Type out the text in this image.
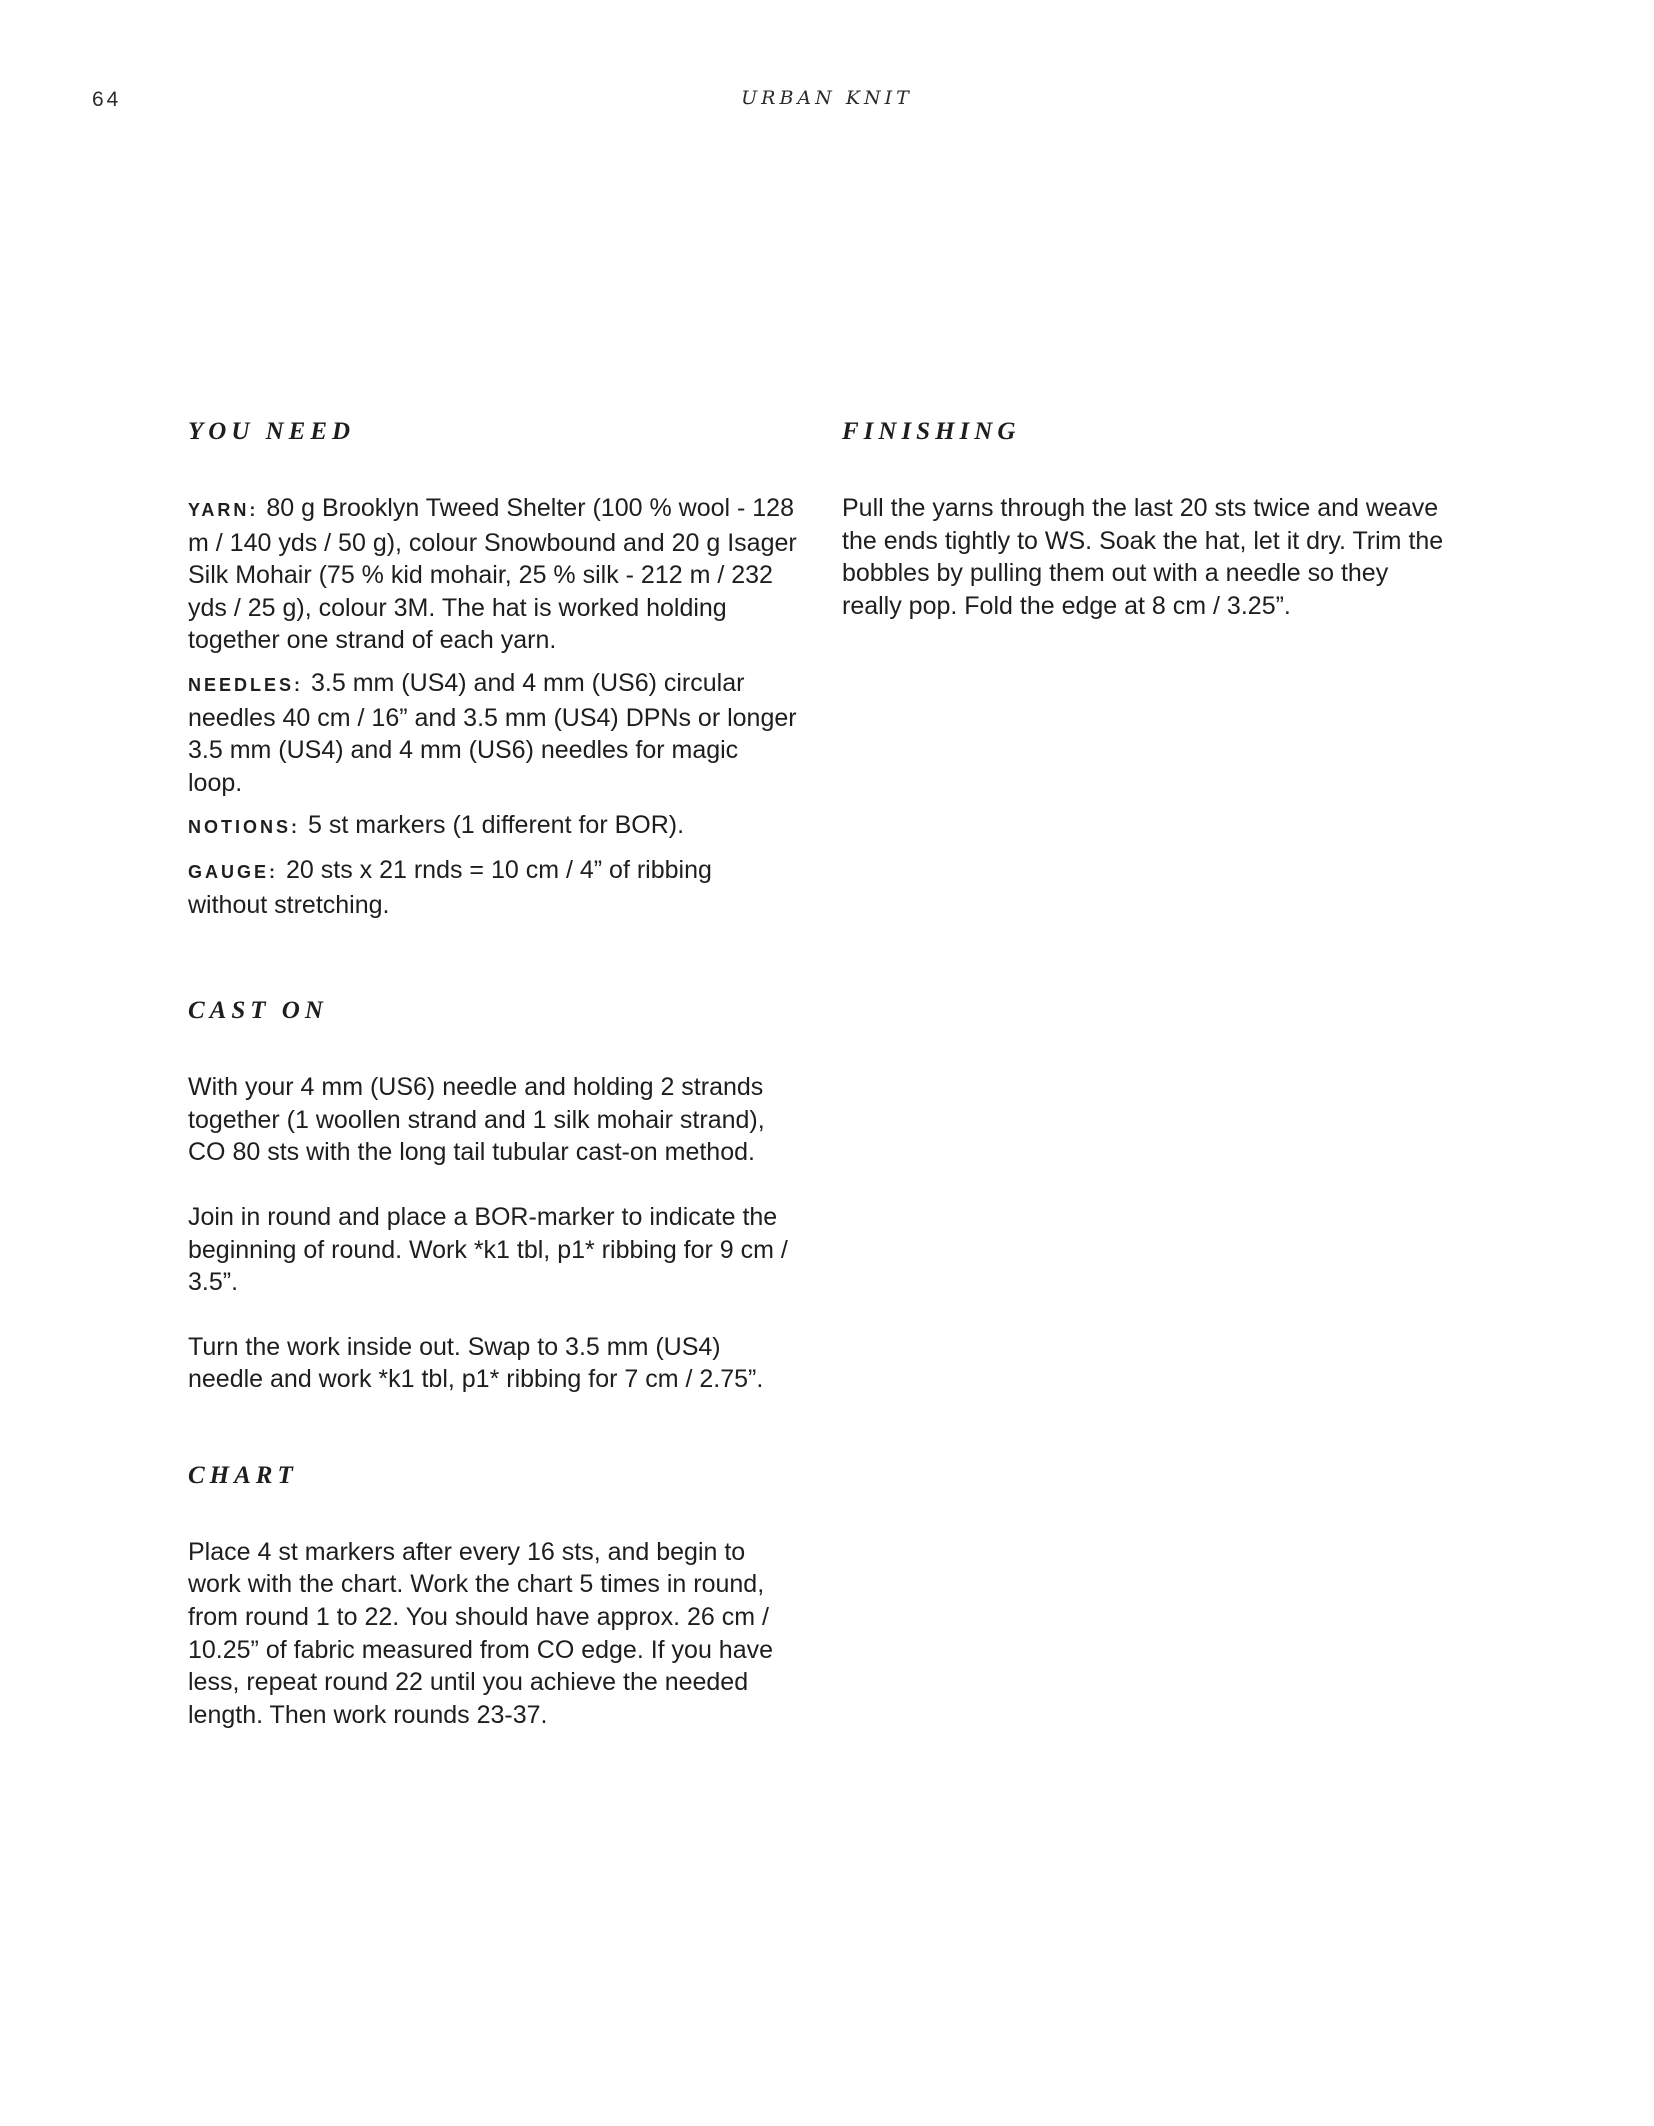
64	URBAN KNIT
YOU NEED

YARN: 80 g Brooklyn Tweed Shelter (100 % wool - 128 m / 140 yds / 50 g), colour Snowbound and 20 g Isager Silk Mohair (75 % kid mohair, 25 % silk - 212 m / 232 yds / 25 g), colour 3M. The hat is worked holding together one strand of each yarn.

NEEDLES: 3.5 mm (US4) and 4 mm (US6) circular needles 40 cm / 16” and 3.5 mm (US4) DPNs or longer 3.5 mm (US4) and 4 mm (US6) needles for magic loop.

NOTIONS: 5 st markers (1 different for BOR).

GAUGE: 20 sts x 21 rnds = 10 cm / 4” of ribbing without stretching.

CAST ON

With your 4 mm (US6) needle and holding 2 strands together (1 woollen strand and 1 silk mohair strand), CO 80 sts with the long tail tubular cast-on method.

Join in round and place a BOR-marker to indicate the beginning of round. Work *k1 tbl, p1* ribbing for 9 cm / 3.5”.

Turn the work inside out. Swap to 3.5 mm (US4) needle and work *k1 tbl, p1* ribbing for 7 cm / 2.75”.

CHART

Place 4 st markers after every 16 sts, and begin to work with the chart. Work the chart 5 times in round, from round 1 to 22. You should have approx. 26 cm / 10.25” of fabric measured from CO edge. If you have less, repeat round 22 until you achieve the needed length. Then work rounds 23-37.

FINISHING

Pull the yarns through the last 20 sts twice and weave the ends tightly to WS. Soak the hat, let it dry. Trim the bobbles by pulling them out with a needle so they really pop. Fold the edge at 8 cm / 3.25”.
